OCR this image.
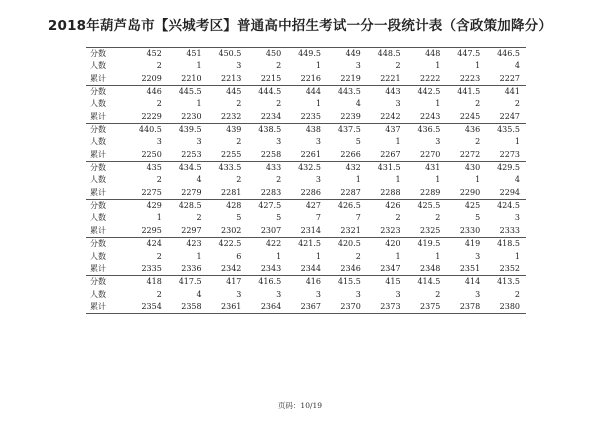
2018年葫芦岛市【兴城考区】普通高中招生考试一分一段统计表（含政策加降分）
分数	452	451	450.5	450	449.5	449	448.5	448	447.5	446.5
人数	2	1	3	2	1	3	2	1	1	4
累计	2209	2210	2213	2215	2216	2219	2221	2222	2223	2227
分数	446	445.5	445	444.5	444	443.5	443	442.5	441.5	441
人数	2	1	2	2	1	4	3	1	2	2
累计	2229	2230	2232	2234	2235	2239	2242	2243	2245	2247
分数	440.5	439.5	439	438.5	438	437.5	437	436.5	436	435.5
人数	3	3	2	3	3	5	1	3	2	1
累计	2250	2253	2255	2258	2261	2266	2267	2270	2272	2273
分数	435	434.5	433.5	433	432.5	432	431.5	431	430	429.5
人数	2	4	2	2	3	1	1	1	1	4
累计	2275	2279	2281	2283	2286	2287	2288	2289	2290	2294
分数	429	428.5	428	427.5	427	426.5	426	425.5	425	424.5
人数	1	2	5	5	7	7	2	2	5	3
累计	2295	2297	2302	2307	2314	2321	2323	2325	2330	2333
分数	424	423	422.5	422	421.5	420.5	420	419.5	419	418.5
人数	2	1	6	1	1	2	1	1	3	1
累计	2335	2336	2342	2343	2344	2346	2347	2348	2351	2352
分数	418	417.5	417	416.5	416	415.5	415	414.5	414	413.5
人数	2	4	3	3	3	3	3	2	3	2
累计	2354	2358	2361	2364	2367	2370	2373	2375	2378	2380
页码：10/19
